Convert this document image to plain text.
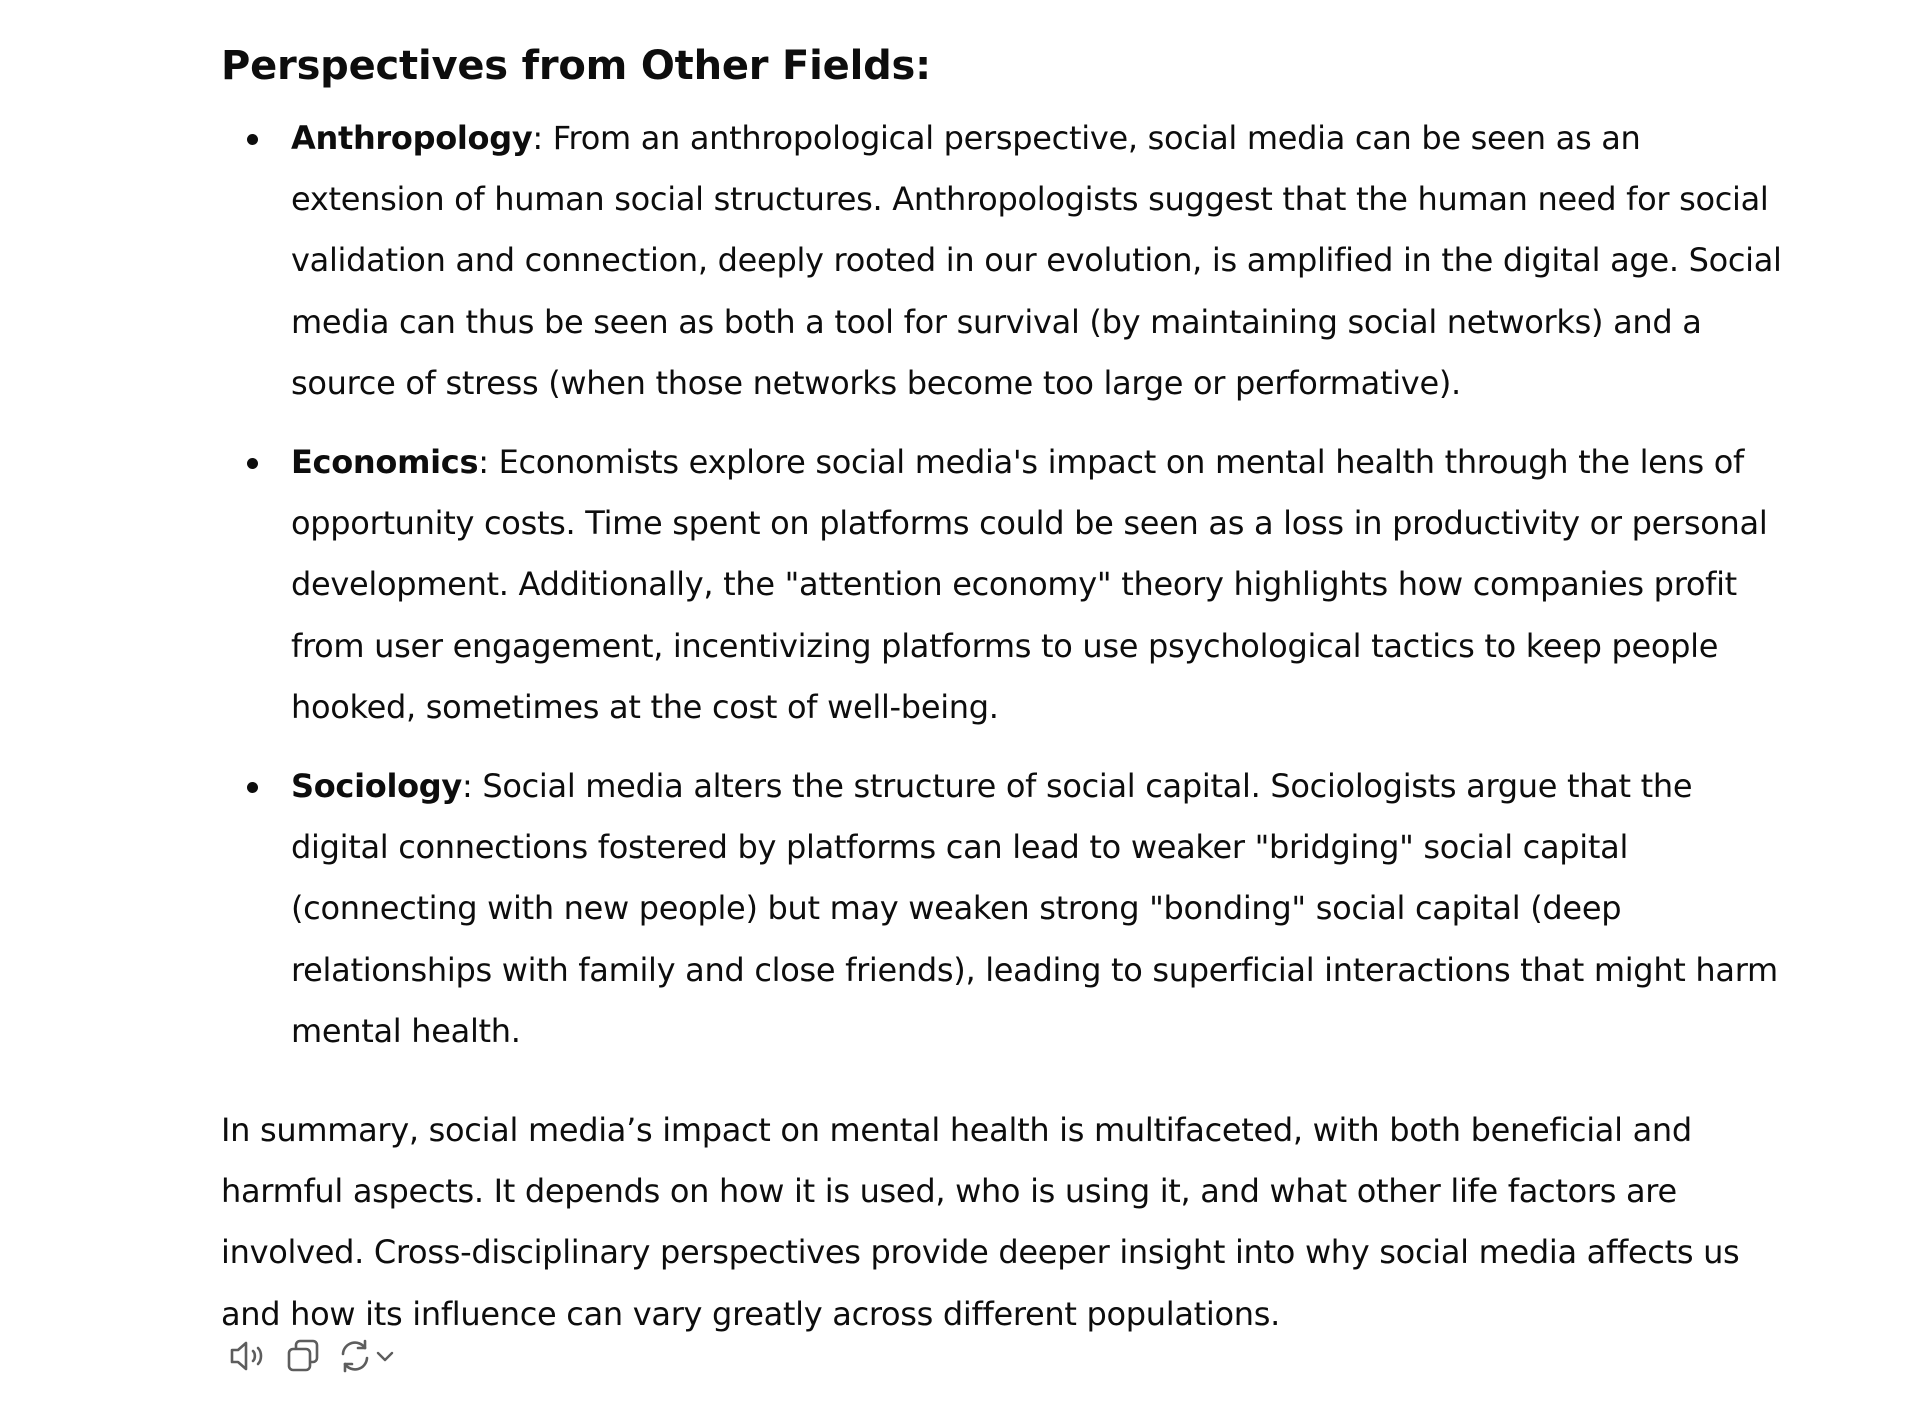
Perspectives from Other Fields:
Anthropology: From an anthropological perspective, social media can be seen as an extension of human social structures. Anthropologists suggest that the human need for social validation and connection, deeply rooted in our evolution, is amplified in the digital age. Social media can thus be seen as both a tool for survival (by maintaining social networks) and a source of stress (when those networks become too large or performative).
Economics: Economists explore social media's impact on mental health through the lens of opportunity costs. Time spent on platforms could be seen as a loss in productivity or personal development. Additionally, the "attention economy" theory highlights how companies profit from user engagement, incentivizing platforms to use psychological tactics to keep people hooked, sometimes at the cost of well-being.
Sociology: Social media alters the structure of social capital. Sociologists argue that the digital connections fostered by platforms can lead to weaker "bridging" social capital (connecting with new people) but may weaken strong "bonding" social capital (deep relationships with family and close friends), leading to superficial interactions that might harm mental health.

In summary, social media’s impact on mental health is multifaceted, with both beneficial and harmful aspects. It depends on how it is used, who is using it, and what other life factors are involved. Cross-disciplinary perspectives provide deeper insight into why social media affects us and how its influence can vary greatly across different populations.
